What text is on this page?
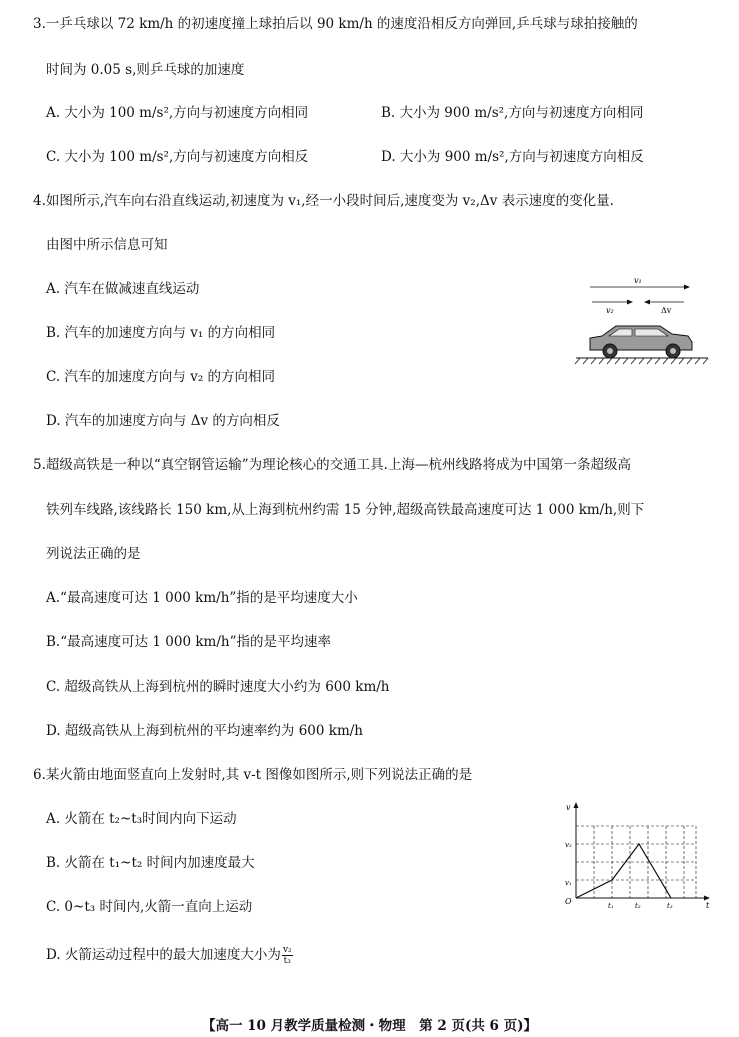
3.一乒乓球以 72 km/h 的初速度撞上球拍后以 90 km/h 的速度沿相反方向弹回,乒乓球与球拍接触的
时间为 0.05 s,则乒乓球的加速度
A. 大小为 100 m/s²,方向与初速度方向相同	B. 大小为 900 m/s²,方向与初速度方向相同
C. 大小为 100 m/s²,方向与初速度方向相反	D. 大小为 900 m/s²,方向与初速度方向相反
4.如图所示,汽车向右沿直线运动,初速度为 v₁,经一小段时间后,速度变为 v₂,Δv 表示速度的变化量.
由图中所示信息可知
A. 汽车在做减速直线运动
B. 汽车的加速度方向与 v₁ 的方向相同
C. 汽车的加速度方向与 v₂ 的方向相同
D. 汽车的加速度方向与 Δv 的方向相反
v₁
v₂	Δv
5.超级高铁是一种以“真空钢管运输”为理论核心的交通工具.上海—杭州线路将成为中国第一条超级高
铁列车线路,该线路长 150 km,从上海到杭州约需 15 分钟,超级高铁最高速度可达 1 000 km/h,则下
列说法正确的是
A.“最高速度可达 1 000 km/h”指的是平均速度大小
B.“最高速度可达 1 000 km/h”指的是平均速率
C. 超级高铁从上海到杭州的瞬时速度大小约为 600 km/h
D. 超级高铁从上海到杭州的平均速率约为 600 km/h
6.某火箭由地面竖直向上发射时,其 v-t 图像如图所示,则下列说法正确的是
A. 火箭在 t₂~t₃时间内向下运动
B. 火箭在 t₁~t₂ 时间内加速度最大
C. 0~t₃ 时间内,火箭一直向上运动
D. 火箭运动过程中的最大加速度大小为 $\frac{\text{v₂}}{\text{t₃}}$
v
t
O
v₁
v₂
t₁	t₂	t₃
【高一 10 月教学质量检测・物理　第 2 页(共 6 页)】
